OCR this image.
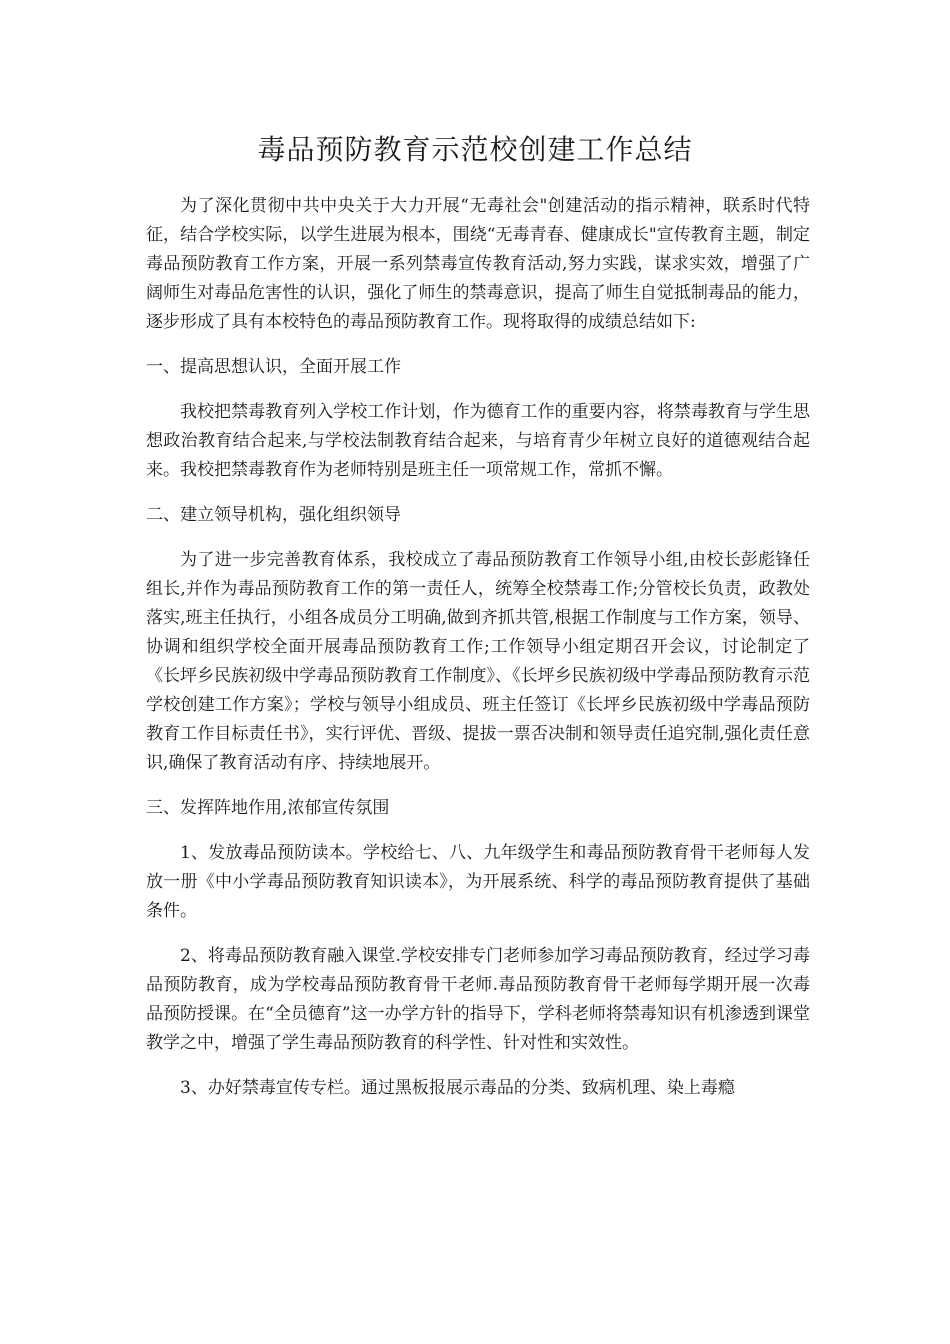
毒品预防教育示范校创建工作总结

为了深化贯彻中共中央关于大力开展“无毒社会"创建活动的指示精神，联系时代特征，结合学校实际，以学生进展为根本，围绕“无毒青春、健康成长"宣传教育主题，制定毒品预防教育工作方案，开展一系列禁毒宣传教育活动,努力实践，谋求实效，增强了广阔师生对毒品危害性的认识，强化了师生的禁毒意识，提高了师生自觉抵制毒品的能力，逐步形成了具有本校特色的毒品预防教育工作。现将取得的成绩总结如下:

一、提高思想认识，全面开展工作

我校把禁毒教育列入学校工作计划，作为德育工作的重要内容，将禁毒教育与学生思想政治教育结合起来,与学校法制教育结合起来，与培育青少年树立良好的道德观结合起来。我校把禁毒教育作为老师特别是班主任一项常规工作，常抓不懈。

二、建立领导机构，强化组织领导

为了进一步完善教育体系，我校成立了毒品预防教育工作领导小组,由校长彭彪锋任组长,并作为毒品预防教育工作的第一责任人，统筹全校禁毒工作;分管校长负责，政教处落实,班主任执行，小组各成员分工明确,做到齐抓共管,根据工作制度与工作方案，领导、协调和组织学校全面开展毒品预防教育工作;工作领导小组定期召开会议，讨论制定了《长坪乡民族初级中学毒品预防教育工作制度》、《长坪乡民族初级中学毒品预防教育示范学校创建工作方案》；学校与领导小组成员、班主任签订《长坪乡民族初级中学毒品预防教育工作目标责任书》，实行评优、晋级、提拔一票否决制和领导责任追究制,强化责任意识,确保了教育活动有序、持续地展开。

三、发挥阵地作用,浓郁宣传氛围

1、发放毒品预防读本。学校给七、八、九年级学生和毒品预防教育骨干老师每人发放一册《中小学毒品预防教育知识读本》，为开展系统、科学的毒品预防教育提供了基础条件。

2、将毒品预防教育融入课堂.学校安排专门老师参加学习毒品预防教育，经过学习毒品预防教育，成为学校毒品预防教育骨干老师.毒品预防教育骨干老师每学期开展一次毒品预防授课。在“全员德育”这一办学方针的指导下，学科老师将禁毒知识有机渗透到课堂教学之中，增强了学生毒品预防教育的科学性、针对性和实效性。

3、办好禁毒宣传专栏。通过黑板报展示毒品的分类、致病机理、染上毒瘾
